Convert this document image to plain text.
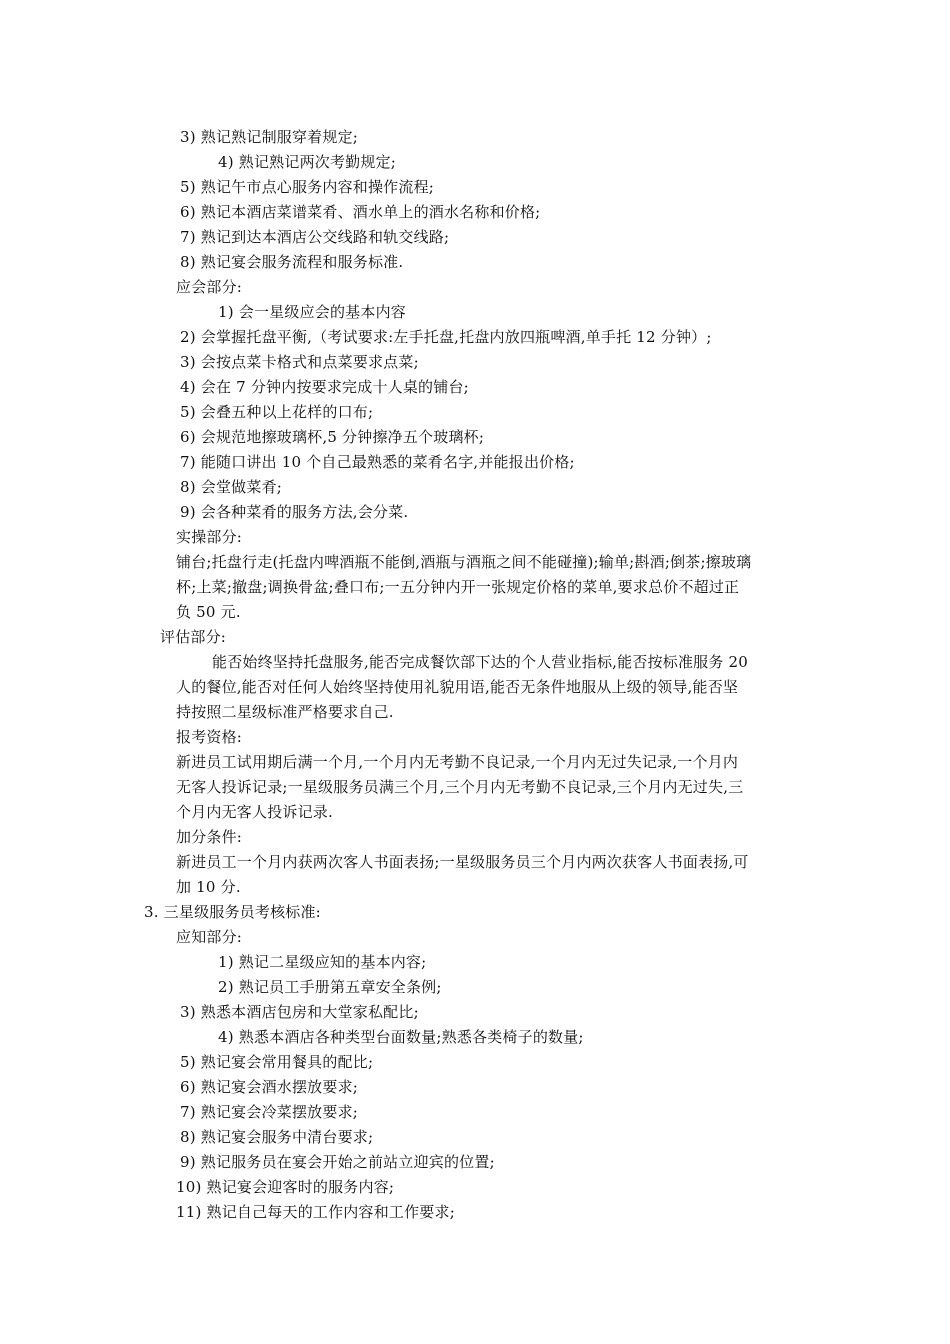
3) 熟记熟记制服穿着规定;
4) 熟记熟记两次考勤规定;
5) 熟记午市点心服务内容和操作流程;
6) 熟记本酒店菜谱菜肴、酒水单上的酒水名称和价格;
7) 熟记到达本酒店公交线路和轨交线路;
8) 熟记宴会服务流程和服务标准.
应会部分:
1) 会一星级应会的基本内容
2) 会掌握托盘平衡,（考试要求:左手托盘,托盘内放四瓶啤酒,单手托 12 分钟）;
3) 会按点菜卡格式和点菜要求点菜;
4) 会在 7 分钟内按要求完成十人桌的铺台;
5) 会叠五种以上花样的口布;
6) 会规范地擦玻璃杯,5 分钟擦净五个玻璃杯;
7) 能随口讲出 10 个自己最熟悉的菜肴名字,并能报出价格;
8) 会堂做菜肴;
9) 会各种菜肴的服务方法,会分菜.
实操部分:
铺台;托盘行走(托盘内啤酒瓶不能倒,酒瓶与酒瓶之间不能碰撞);输单;斟酒;倒茶;擦玻璃
杯;上菜;撤盘;调换骨盆;叠口布;一五分钟内开一张规定价格的菜单,要求总价不超过正
负 50 元.
评估部分:
能否始终坚持托盘服务,能否完成餐饮部下达的个人营业指标,能否按标准服务 20
人的餐位,能否对任何人始终坚持使用礼貌用语,能否无条件地服从上级的领导,能否坚
持按照二星级标准严格要求自己.
报考资格:
新进员工试用期后满一个月,一个月内无考勤不良记录,一个月内无过失记录,一个月内
无客人投诉记录;一星级服务员满三个月,三个月内无考勤不良记录,三个月内无过失,三
个月内无客人投诉记录.
加分条件:
新进员工一个月内获两次客人书面表扬;一星级服务员三个月内两次获客人书面表扬,可
加 10 分.
3. 三星级服务员考核标准:
应知部分:
1) 熟记二星级应知的基本内容;
2) 熟记员工手册第五章安全条例;
3) 熟悉本酒店包房和大堂家私配比;
4) 熟悉本酒店各种类型台面数量;熟悉各类椅子的数量;
5) 熟记宴会常用餐具的配比;
6) 熟记宴会酒水摆放要求;
7) 熟记宴会冷菜摆放要求;
8) 熟记宴会服务中清台要求;
9) 熟记服务员在宴会开始之前站立迎宾的位置;
10) 熟记宴会迎客时的服务内容;
11) 熟记自己每天的工作内容和工作要求;
